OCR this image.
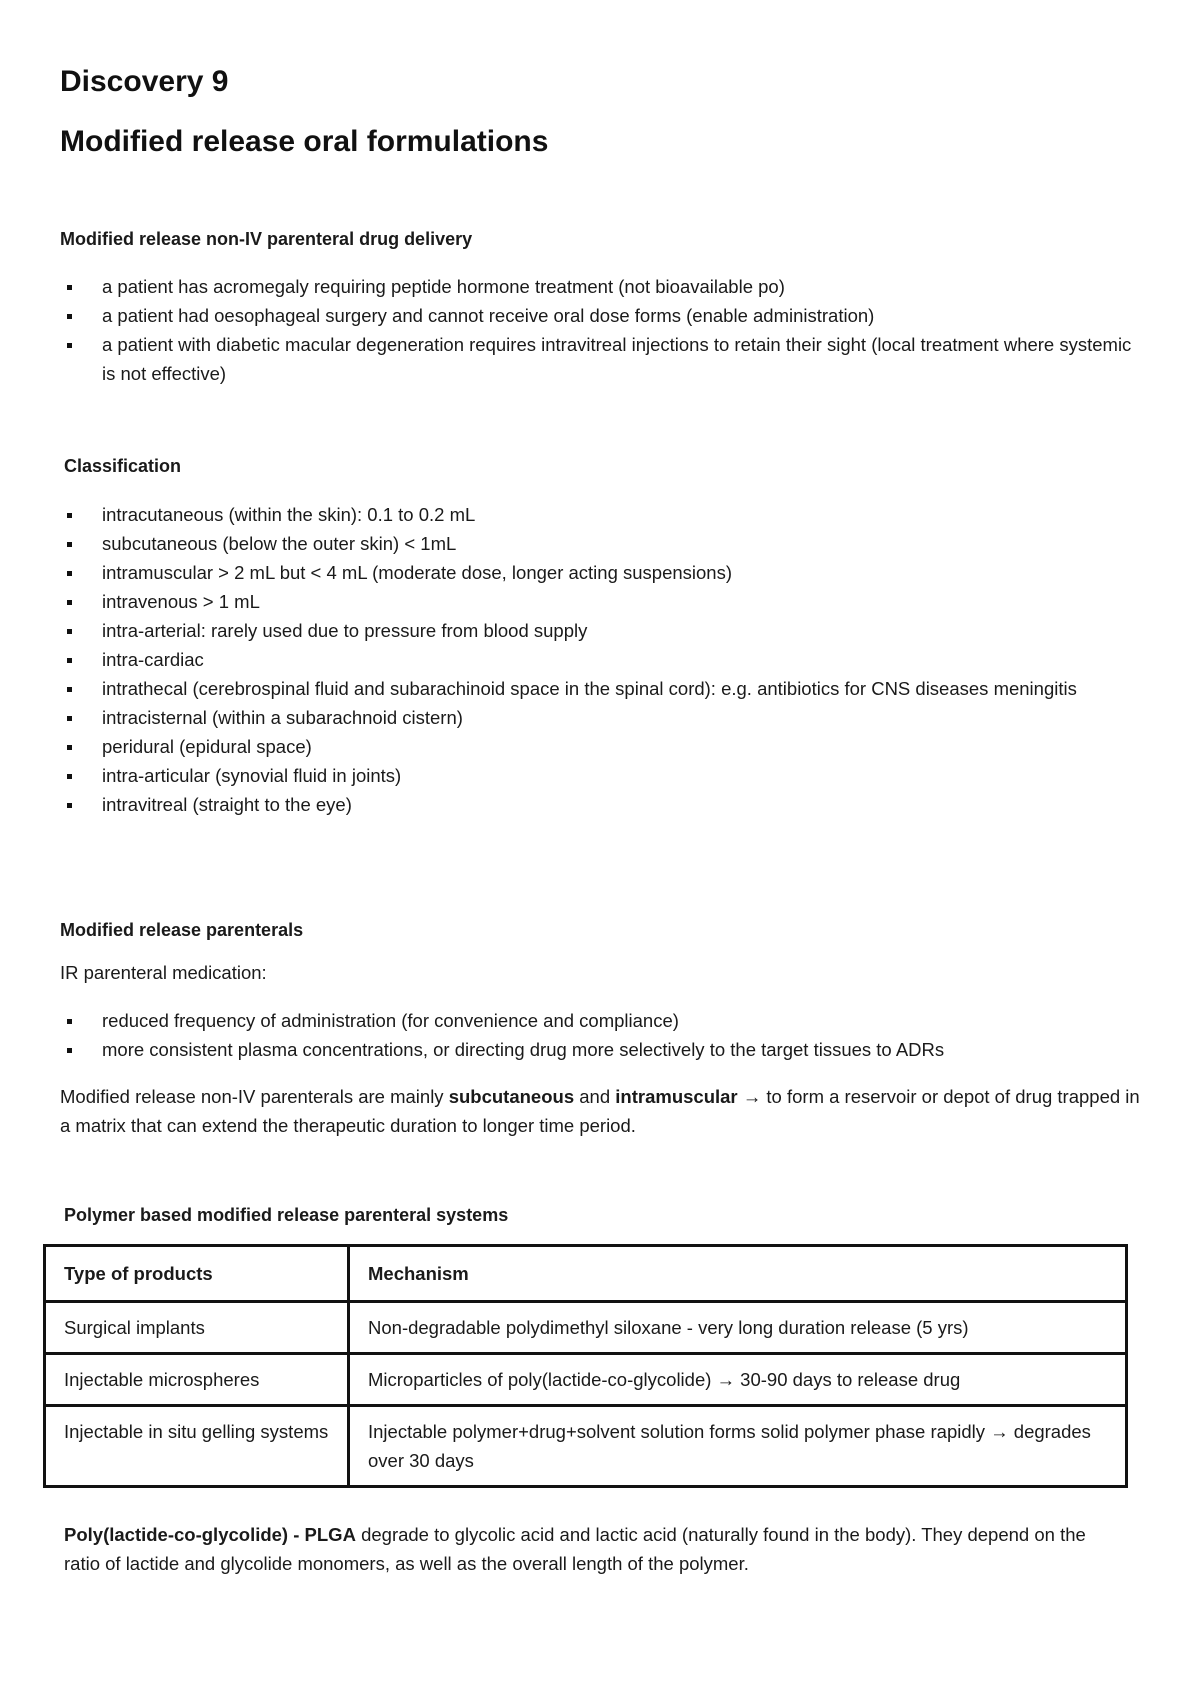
Discovery 9
Modified release oral formulations
Modified release non-IV parenteral drug delivery
a patient has acromegaly requiring peptide hormone treatment (not bioavailable po)
a patient had oesophageal surgery and cannot receive oral dose forms (enable administration)
a patient with diabetic macular degeneration requires intravitreal injections to retain their sight (local treatment where systemic is not effective)
Classification
intracutaneous (within the skin): 0.1 to 0.2 mL
subcutaneous (below the outer skin) < 1mL
intramuscular > 2 mL but < 4 mL (moderate dose, longer acting suspensions)
intravenous > 1 mL
intra-arterial: rarely used due to pressure from blood supply
intra-cardiac
intrathecal (cerebrospinal fluid and subarachinoid space in the spinal cord): e.g. antibiotics for CNS diseases meningitis
intracisternal (within a subarachnoid cistern)
peridural (epidural space)
intra-articular (synovial fluid in joints)
intravitreal (straight to the eye)
Modified release parenterals
IR parenteral medication:
reduced frequency of administration (for convenience and compliance)
more consistent plasma concentrations, or directing drug more selectively to the target tissues to ADRs

Modified release non-IV parenterals are mainly subcutaneous and intramuscular → to form a reservoir or depot of drug trapped in a matrix that can extend the therapeutic duration to longer time period.

Polymer based modified release parenteral systems
Type of products	Mechanism
Surgical implants	Non-degradable polydimethyl siloxane - very long duration release (5 yrs)
Injectable microspheres	Microparticles of poly(lactide-co-glycolide) → 30-90 days to release drug
Injectable in situ gelling systems	Injectable polymer+drug+solvent solution forms solid polymer phase rapidly → degrades over 30 days

Poly(lactide-co-glycolide) - PLGA degrade to glycolic acid and lactic acid (naturally found in the body). They depend on the ratio of lactide and glycolide monomers, as well as the overall length of the polymer.
